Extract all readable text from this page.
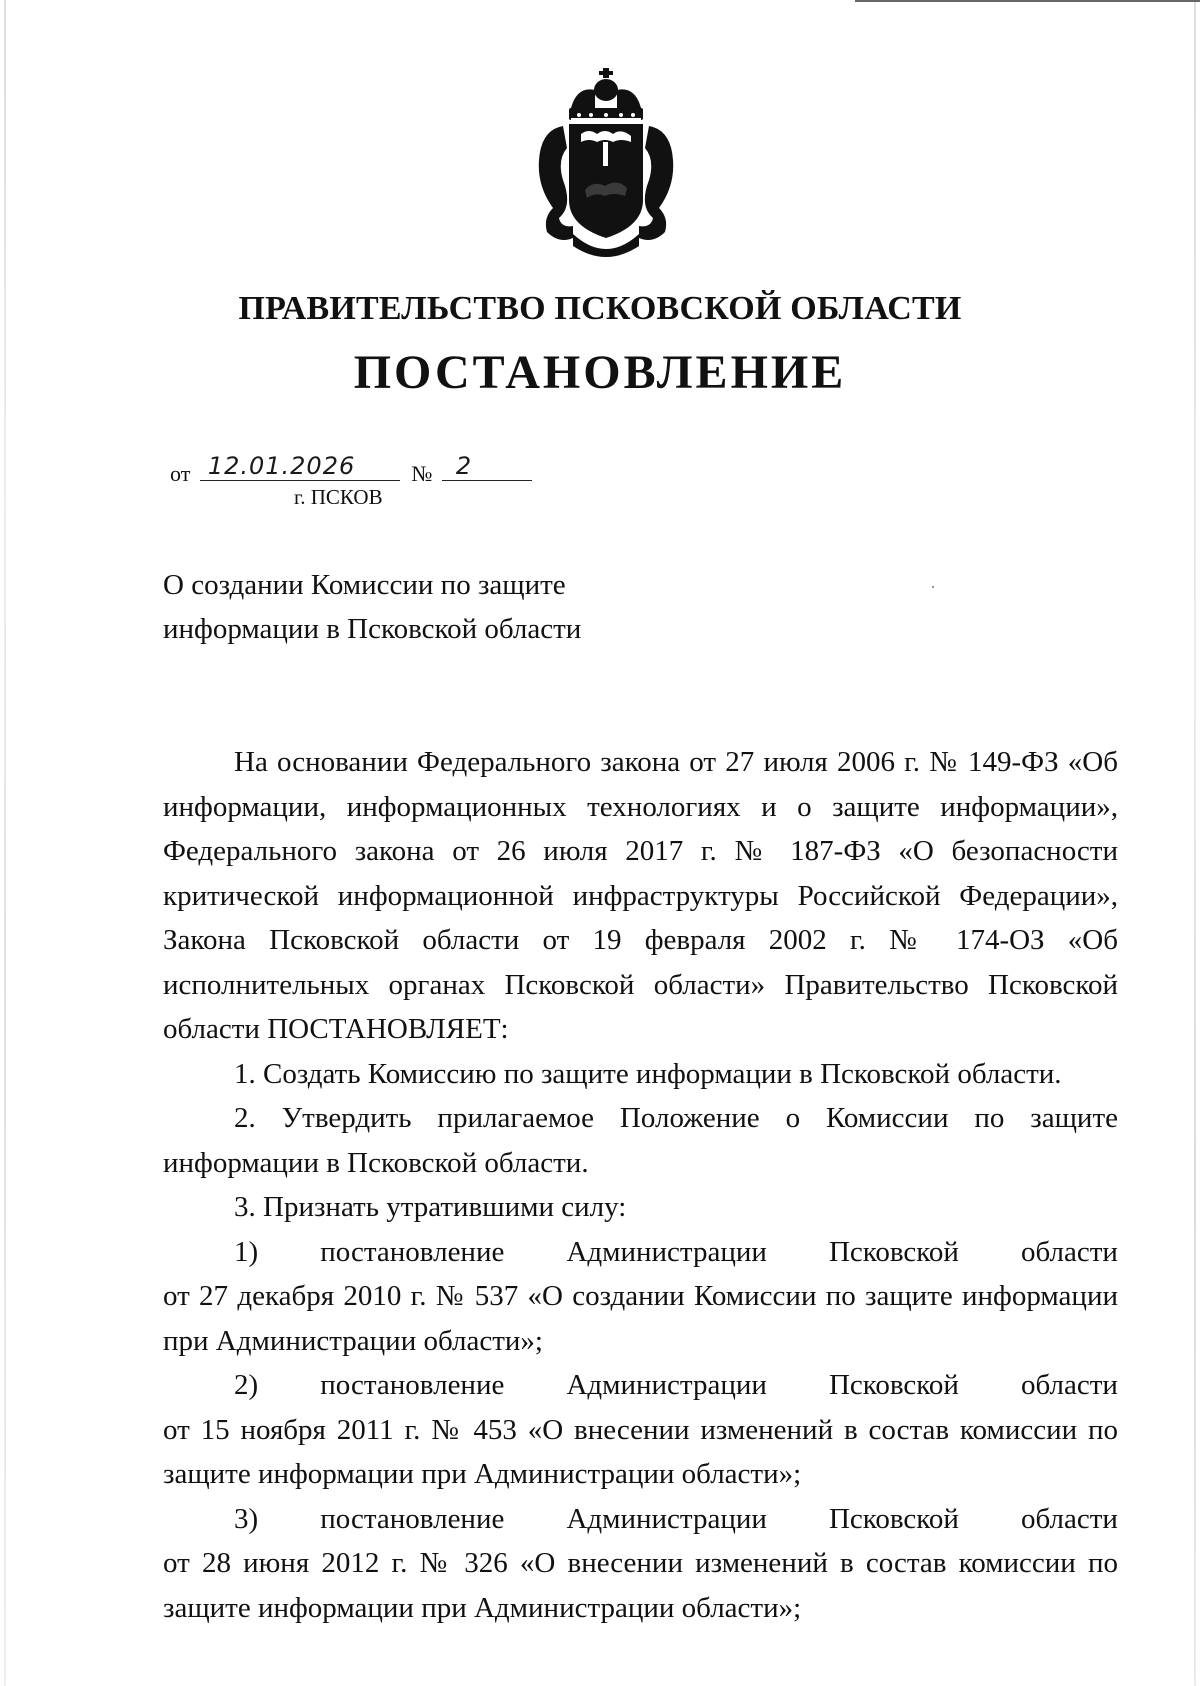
ПРАВИТЕЛЬСТВО ПСКОВСКОЙ ОБЛАСТИ
ПОСТАНОВЛЕНИЕ
от 12.01.2026	№ 2
г. ПСКОВ
О создании Комиссии по защите
информации в Псковской области

На основании Федерального закона от 27 июля 2006 г. № 149-ФЗ «Об информации, информационных технологиях и о защите информации», Федерального закона от 26 июля 2017 г. № 187-ФЗ «О безопасности критической информационной инфраструктуры Российской Федерации», Закона Псковской области от 19 февраля 2002 г. № 174-ОЗ «Об исполнительных органах Псковской области» Правительство Псковской области ПОСТАНОВЛЯЕТ:

1. Создать Комиссию по защите информации в Псковской области.

2. Утвердить прилагаемое Положение о Комиссии по защите информации в Псковской области.

3. Признать утратившими силу:

1) постановление Администрации Псковской области

от 27 декабря 2010 г. № 537 «О создании Комиссии по защите информации при Администрации области»;

2) постановление Администрации Псковской области

от 15 ноября 2011 г. № 453 «О внесении изменений в состав комиссии по защите информации при Администрации области»;

3) постановление Администрации Псковской области

от 28 июня 2012 г. № 326 «О внесении изменений в состав комиссии по защите информации при Администрации области»;
